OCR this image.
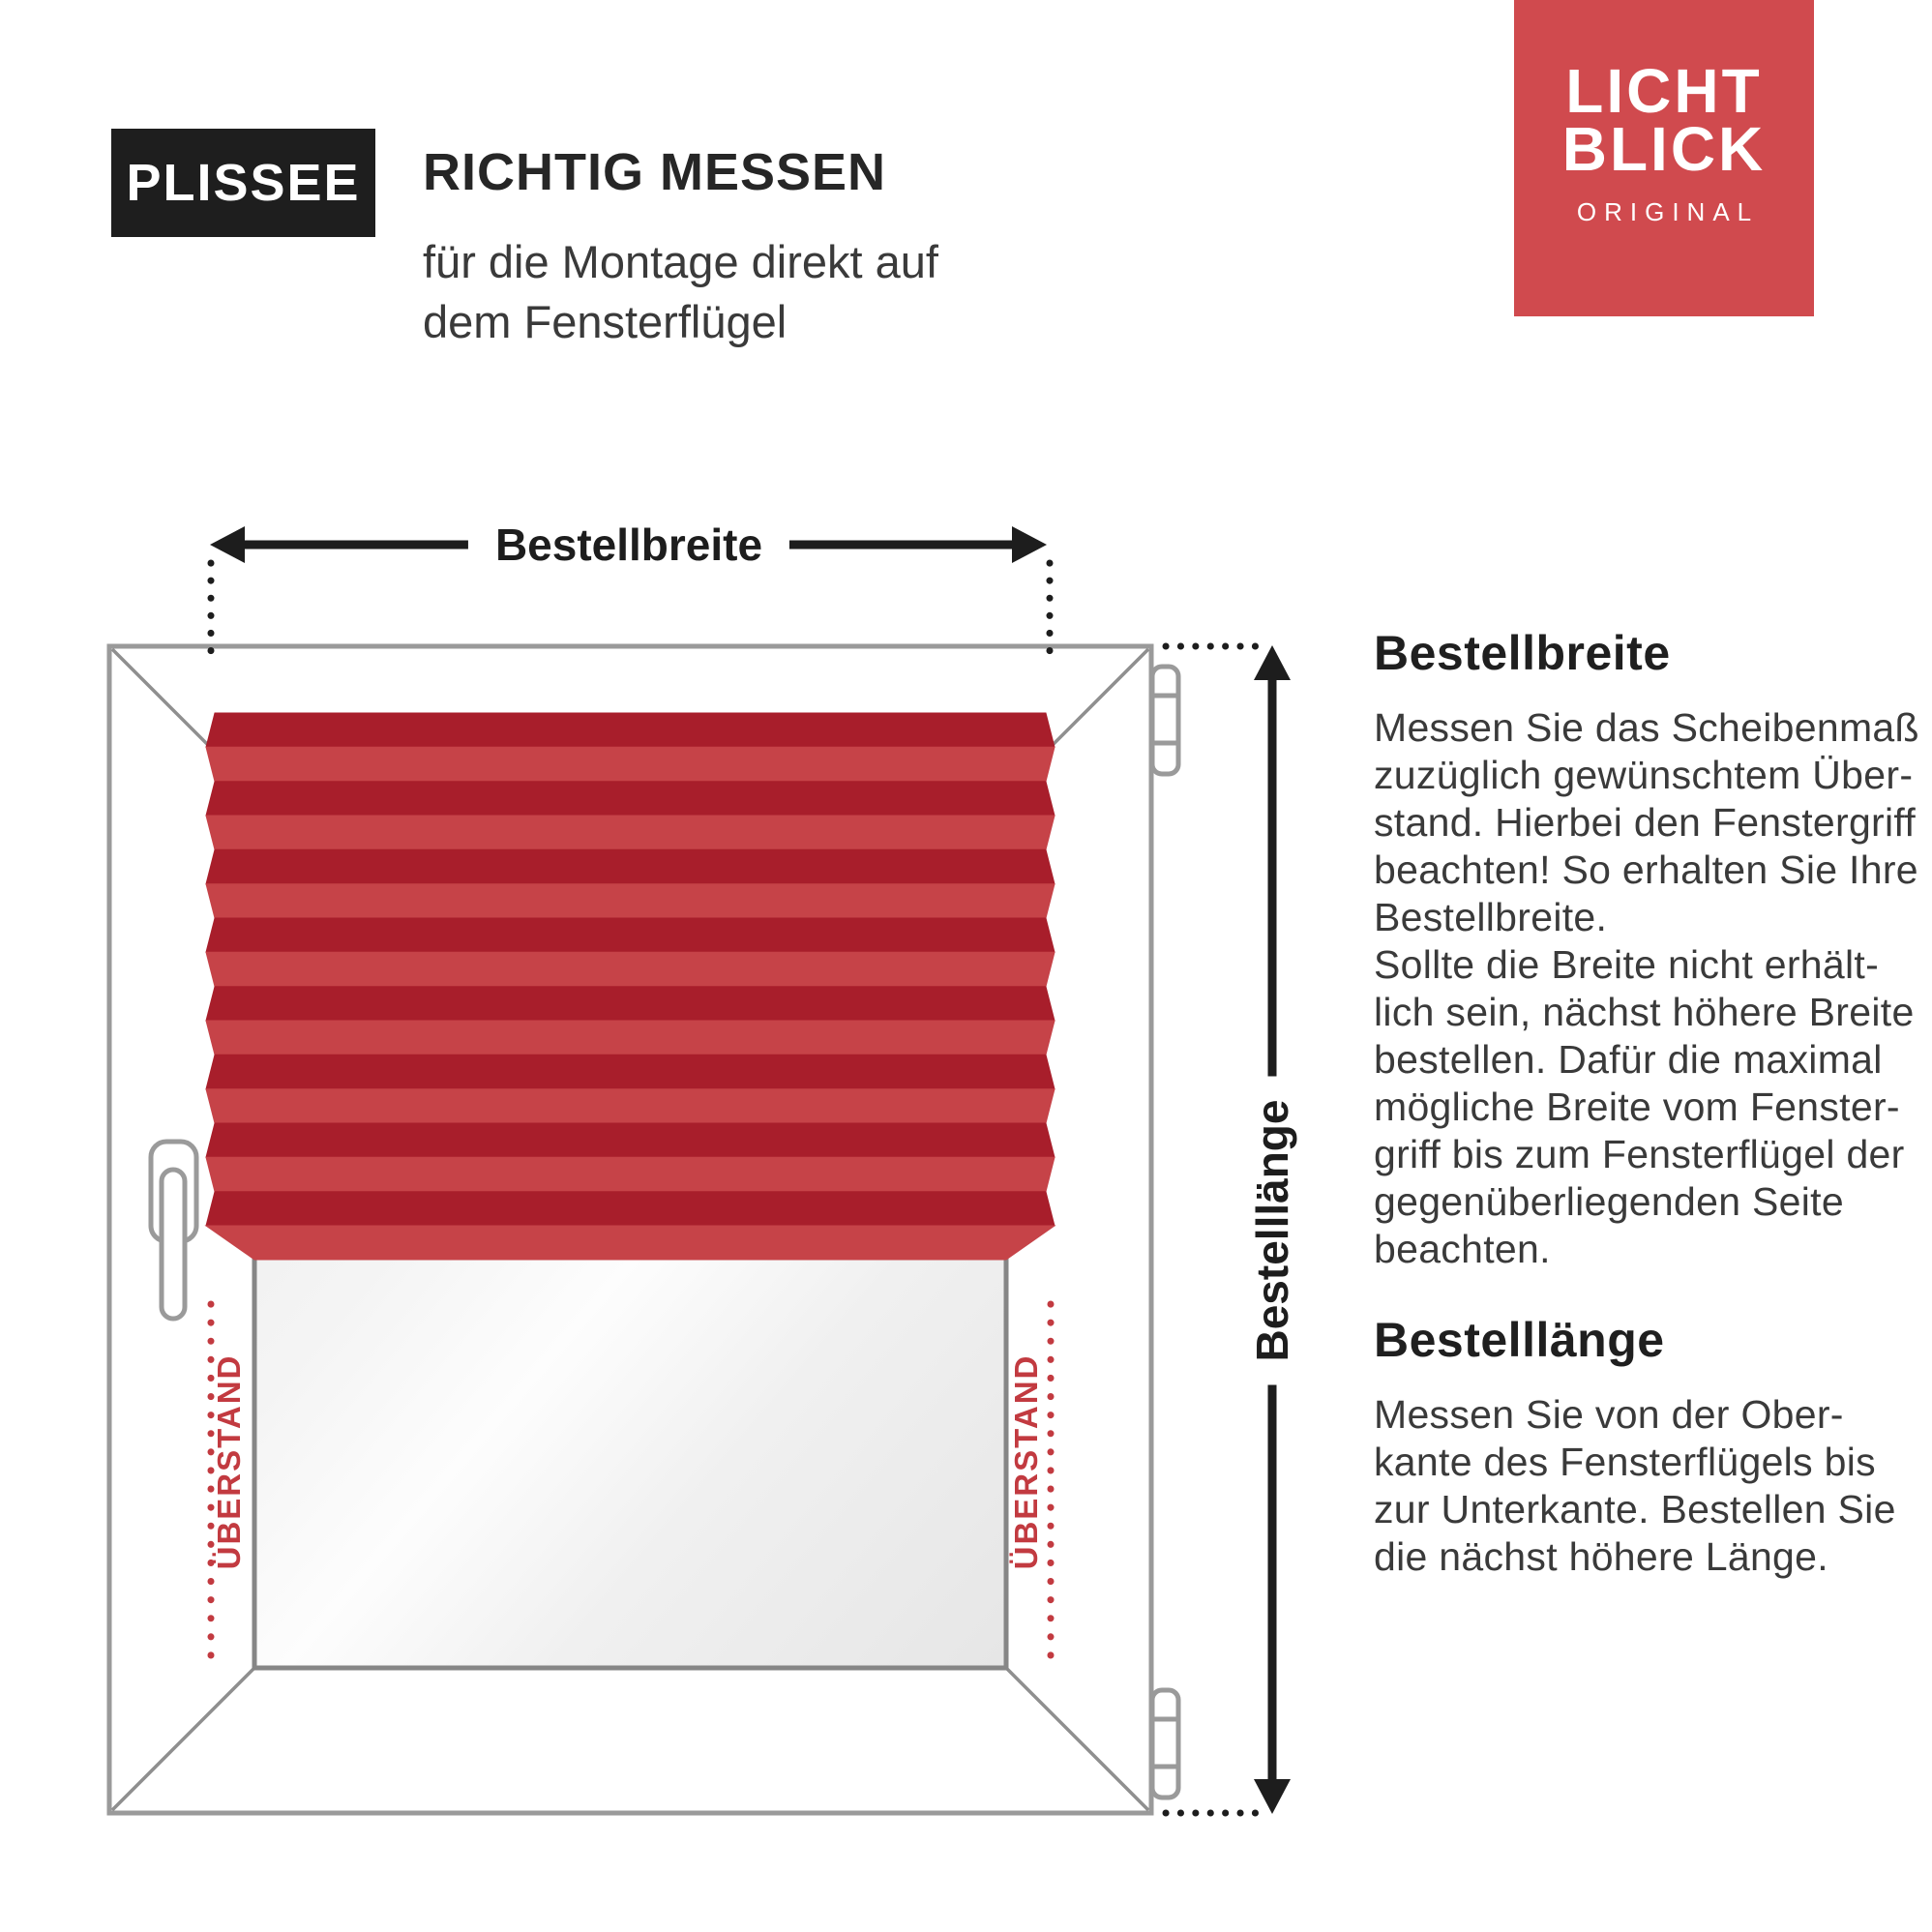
PLISSEE RICHTIG MESSEN
für die Montage direkt auf
dem Fensterflügel
LICHT
BLICK
ORIGINAL
Bestellbreite
Bestelllänge
ÜBERSTAND	ÜBERSTAND
Bestellbreite
Messen Sie das Scheibenmaß
zuzüglich gewünschtem Über-
stand. Hierbei den Fenstergriff
beachten! So erhalten Sie Ihre
Bestellbreite.
Sollte die Breite nicht erhält-
lich sein, nächst höhere Breite
bestellen. Dafür die maximal
mögliche Breite vom Fenster-
griff bis zum Fensterflügel der
gegenüberliegenden Seite
beachten.
Bestelllänge
Messen Sie von der Ober-
kante des Fensterflügels bis
zur Unterkante. Bestellen Sie
die nächst höhere Länge.
